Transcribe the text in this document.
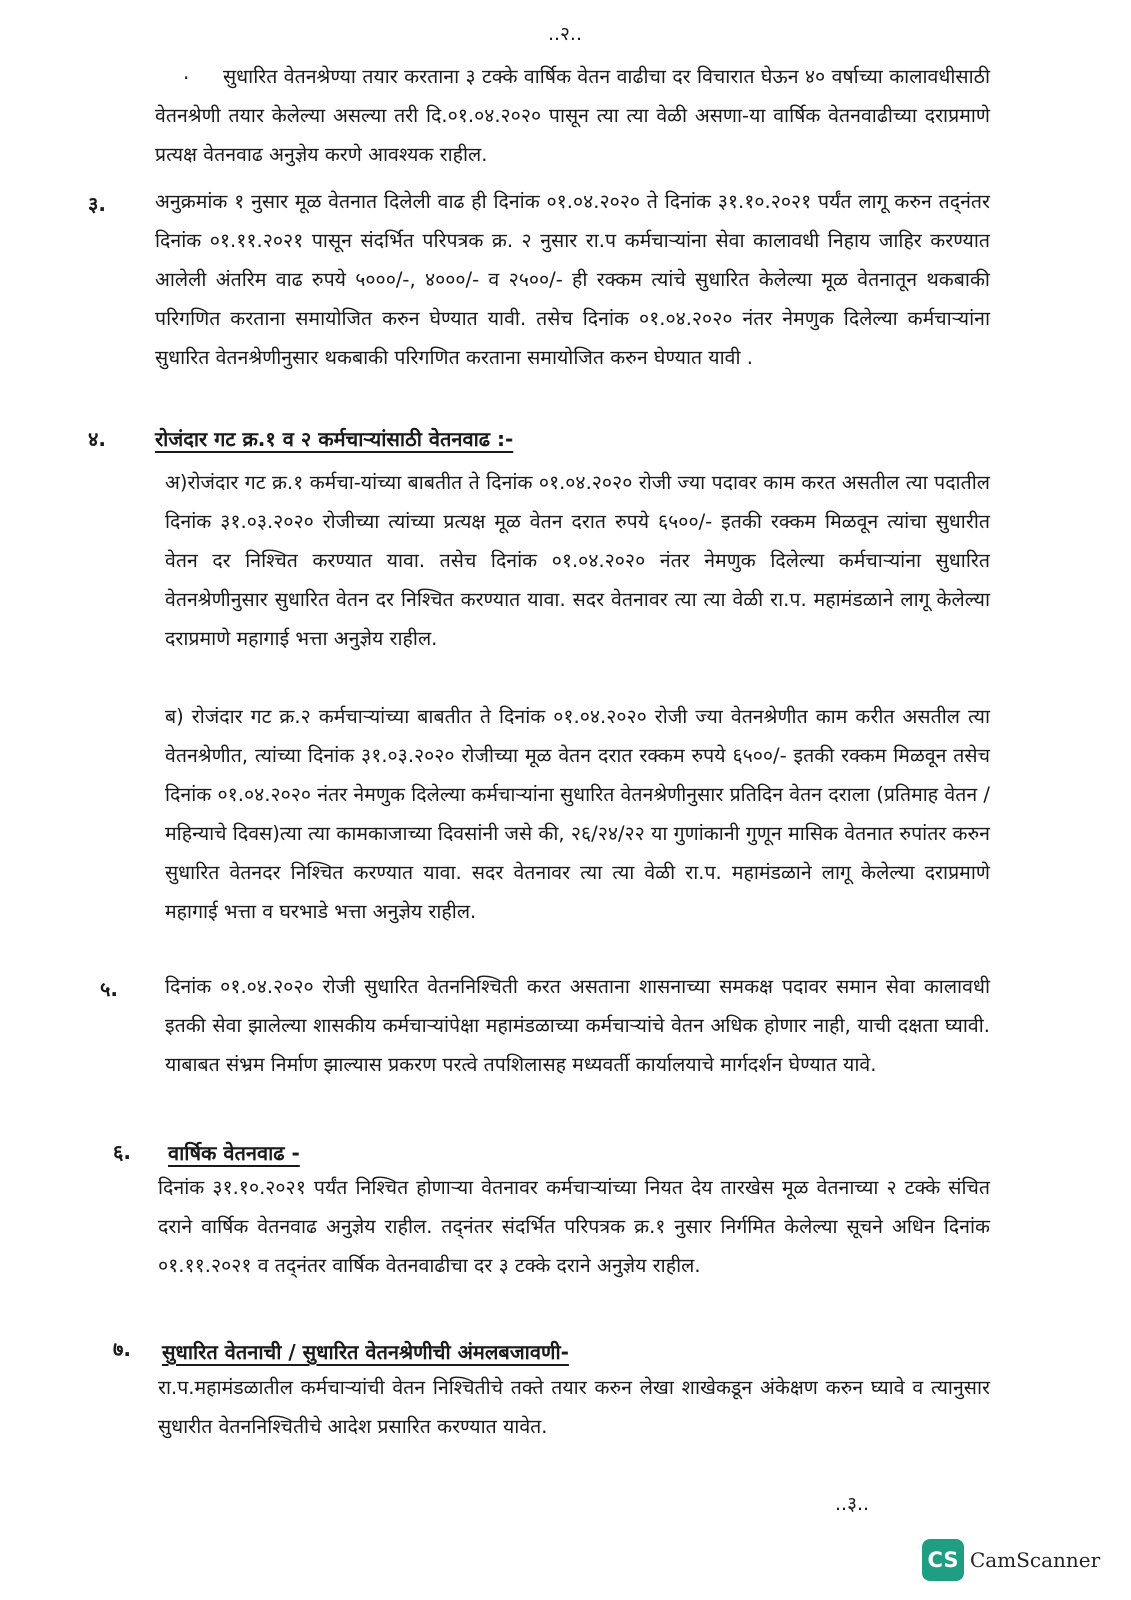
..२..
.	सुधारित वेतनश्रेण्या तयार करताना ३ टक्के वार्षिक वेतन वाढीचा दर विचारात घेऊन ४० वर्षाच्या कालावधीसाठी वेतनश्रेणी तयार केलेल्या असल्या तरी दि.०१.०४.२०२० पासून त्या त्या वेळी असणा-या वार्षिक वेतनवाढीच्या दराप्रमाणे प्रत्यक्ष वेतनवाढ अनुज्ञेय करणे आवश्यक राहील.

३.	अनुक्रमांक १ नुसार मूळ वेतनात दिलेली वाढ ही दिनांक ०१.०४.२०२० ते दिनांक ३१.१०.२०२१ पर्यंत लागू करुन तद्नंतर दिनांक ०१.११.२०२१ पासून संदर्भित परिपत्रक क्र. २ नुसार रा.प कर्मचाऱ्यांना सेवा कालावधी निहाय जाहिर करण्यात आलेली अंतरिम वाढ रुपये ५०००/-, ४०००/- व २५००/- ही रक्कम त्यांचे सुधारित केलेल्या मूळ वेतनातून थकबाकी परिगणित करताना समायोजित करुन घेण्यात यावी. तसेच दिनांक ०१.०४.२०२० नंतर नेमणुक दिलेल्या कर्मचाऱ्यांना सुधारित वेतनश्रेणीनुसार थकबाकी परिगणित करताना समायोजित करुन घेण्यात यावी .

४. रोजंदार गट क्र.१ व २ कर्मचाऱ्यांसाठी वेतनवाढ :-

अ)रोजंदार गट क्र.१ कर्मचा-यांच्या बाबतीत ते दिनांक ०१.०४.२०२० रोजी ज्या पदावर काम करत असतील त्या पदातील दिनांक ३१.०३.२०२० रोजीच्या त्यांच्या प्रत्यक्ष मूळ वेतन दरात रुपये ६५००/- इतकी रक्कम मिळवून त्यांचा सुधारीत वेतन दर निश्चित करण्यात यावा. तसेच दिनांक ०१.०४.२०२० नंतर नेमणुक दिलेल्या कर्मचाऱ्यांना सुधारित वेतनश्रेणीनुसार सुधारित वेतन दर निश्चित करण्यात यावा. सदर वेतनावर त्या त्या वेळी रा.प. महामंडळाने लागू केलेल्या दराप्रमाणे महागाई भत्ता अनुज्ञेय राहील.

ब) रोजंदार गट क्र.२ कर्मचाऱ्यांच्या बाबतीत ते दिनांक ०१.०४.२०२० रोजी ज्या वेतनश्रेणीत काम करीत असतील त्या वेतनश्रेणीत, त्यांच्या दिनांक ३१.०३.२०२० रोजीच्या मूळ वेतन दरात रक्कम रुपये ६५००/- इतकी रक्कम मिळवून तसेच दिनांक ०१.०४.२०२० नंतर नेमणुक दिलेल्या कर्मचाऱ्यांना सुधारित वेतनश्रेणीनुसार प्रतिदिन वेतन दराला (प्रतिमाह वेतन / महिन्याचे दिवस)त्या त्या कामकाजाच्या दिवसांनी जसे की, २६/२४/२२ या गुणांकानी गुणून मासिक वेतनात रुपांतर करुन सुधारित वेतनदर निश्चित करण्यात यावा. सदर वेतनावर त्या त्या वेळी रा.प. महामंडळाने लागू केलेल्या दराप्रमाणे महागाई भत्ता व घरभाडे भत्ता अनुज्ञेय राहील.

५. दिनांक ०१.०४.२०२० रोजी सुधारित वेतननिश्चिती करत असताना शासनाच्या समकक्ष पदावर समान सेवा कालावधी इतकी सेवा झालेल्या शासकीय कर्मचाऱ्यांपेक्षा महामंडळाच्या कर्मचाऱ्यांचे वेतन अधिक होणार नाही, याची दक्षता घ्यावी. याबाबत संभ्रम निर्माण झाल्यास प्रकरण परत्वे तपशिलासह मध्यवर्ती कार्यालयाचे मार्गदर्शन घेण्यात यावे.

६. वार्षिक वेतनवाढ -

दिनांक ३१.१०.२०२१ पर्यंत निश्चित होणाऱ्या वेतनावर कर्मचाऱ्यांच्या नियत देय तारखेस मूळ वेतनाच्या २ टक्के संचित दराने वार्षिक वेतनवाढ अनुज्ञेय राहील. तद्नंतर संदर्भित परिपत्रक क्र.१ नुसार निर्गमित केलेल्या सूचने अधिन दिनांक ०१.११.२०२१ व तद्नंतर वार्षिक वेतनवाढीचा दर ३ टक्के दराने अनुज्ञेय राहील.

७. सुधारित वेतनाची / सुधारित वेतनश्रेणीची अंमलबजावणी-

रा.प.महामंडळातील कर्मचाऱ्यांची वेतन निश्चितीचे तक्ते तयार करुन लेखा शाखेकडून अंकेक्षण करुन घ्यावे व त्यानुसार सुधारीत वेतननिश्चितीचे आदेश प्रसारित करण्यात यावेत.

..३..
CS CamScanner
